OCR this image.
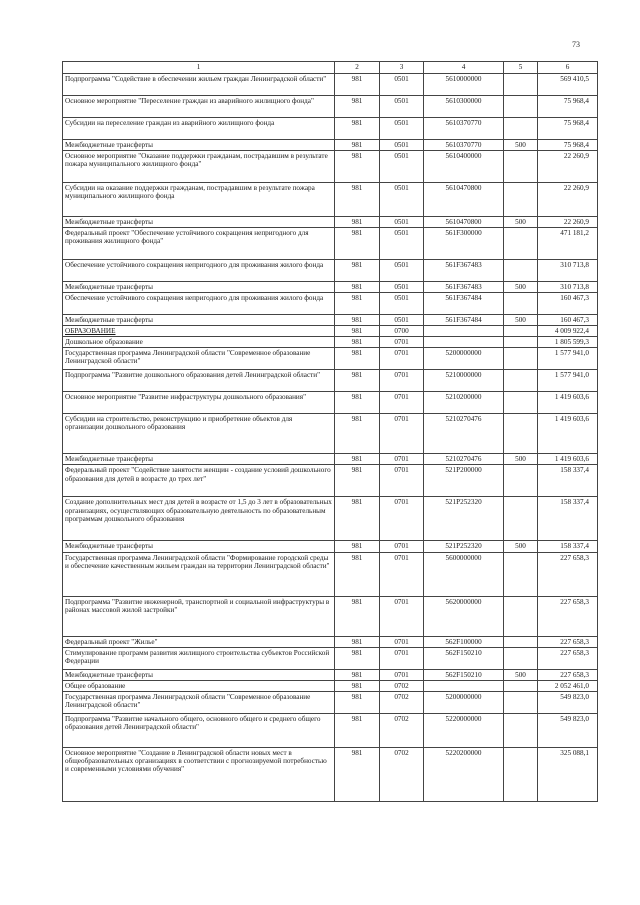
73
1	2	3	4	5	6
Подпрограмма "Содействие в обеспечении жильем граждан Ленинградской области"	981	0501	5610000000		569 410,5
Основное мероприятие "Переселение граждан из аварийного жилищного фонда"	981	0501	5610300000		75 968,4
Субсидии на переселение граждан из аварийного жилищного фонда	981	0501	5610370770		75 968,4
Межбюджетные трансферты	981	0501	5610370770	500	75 968,4
Основное мероприятие "Оказание поддержки гражданам, пострадавшим в результате пожара муниципального жилищного фонда"	981	0501	5610400000		22 260,9
Субсидии на оказание поддержки гражданам, пострадавшим в результате пожара муниципального жилищного фонда	981	0501	5610470800		22 260,9
Межбюджетные трансферты	981	0501	5610470800	500	22 260,9
Федеральный проект "Обеспечение устойчивого сокращения непригодного для проживания жилищного фонда"	981	0501	561F300000		471 181,2
Обеспечение устойчивого сокращения непригодного для проживания жилого фонда	981	0501	561F367483		310 713,8
Межбюджетные трансферты	981	0501	561F367483	500	310 713,8
Обеспечение устойчивого сокращения непригодного для проживания жилого фонда	981	0501	561F367484		160 467,3
Межбюджетные трансферты	981	0501	561F367484	500	160 467,3
ОБРАЗОВАНИЕ	981	0700			4 009 922,4
Дошкольное образование	981	0701			1 805 599,3
Государственная программа Ленинградской области "Современное образование Ленинградской области"	981	0701	5200000000		1 577 941,0
Подпрограмма "Развитие дошкольного образования детей Ленинградской области"	981	0701	5210000000		1 577 941,0
Основное мероприятие "Развитие инфраструктуры дошкольного образования"	981	0701	5210200000		1 419 603,6
Субсидии на строительство, реконструкцию и приобретение объектов для организации дошкольного образования	981	0701	5210270476		1 419 603,6
Межбюджетные трансферты	981	0701	5210270476	500	1 419 603,6
Федеральный проект "Содействие занятости женщин - создание условий дошкольного образования для детей в возрасте до трех лет"	981	0701	521P200000		158 337,4
Создание дополнительных мест для детей в возрасте от 1,5 до 3 лет в образовательных организациях, осуществляющих образовательную деятельность по образовательным программам дошкольного образования	981	0701	521P252320		158 337,4
Межбюджетные трансферты	981	0701	521P252320	500	158 337,4
Государственная программа Ленинградской области "Формирование городской среды и обеспечение качественным жильем граждан на территории Ленинградской области"	981	0701	5600000000		227 658,3
Подпрограмма "Развитие инженерной, транспортной и социальной инфраструктуры в районах массовой жилой застройки"	981	0701	5620000000		227 658,3
Федеральный проект "Жилье"	981	0701	562F100000		227 658,3
Стимулирование программ развития жилищного строительства субъектов Российской Федерации	981	0701	562F150210		227 658,3
Межбюджетные трансферты	981	0701	562F150210	500	227 658,3
Общее образование	981	0702			2 052 461,0
Государственная программа Ленинградской области "Современное образование Ленинградской области"	981	0702	5200000000		549 823,0
Подпрограмма "Развитие начального общего, основного общего и среднего общего образования детей Ленинградской области"	981	0702	5220000000		549 823,0
Основное мероприятие "Создание в Ленинградской области новых мест в общеобразовательных организациях в соответствии с прогнозируемой потребностью и современными условиями обучения"	981	0702	5220200000		325 088,1
